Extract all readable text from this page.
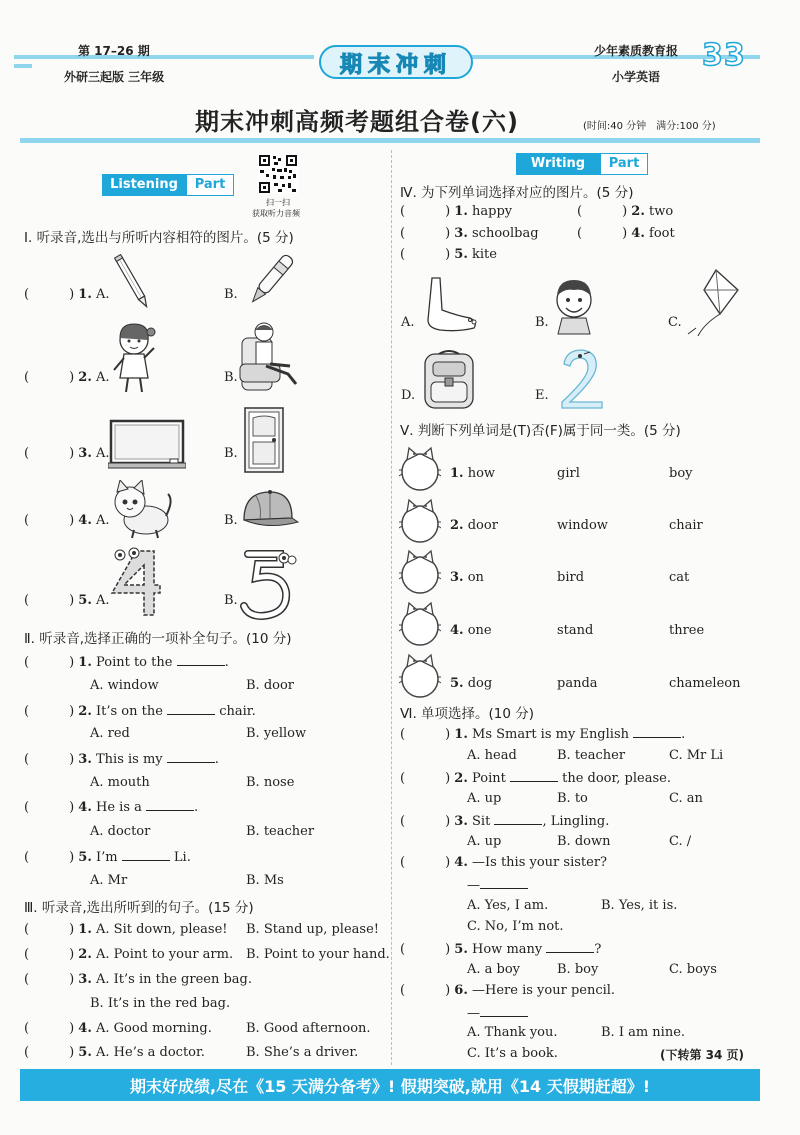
第 17–26 期
外研三起版 三年级	期末冲刺
少年素质教育报
小学英语
33
期末冲刺高频考题组合卷(六)	(时间:40 分钟　满分:100 分)
Listening	Part
扫一扫
获取听力音频
Ⅰ. 听录音,选出与所听内容相符的图片。(5 分)
(	) 1. A.	B.
(	) 2. A.	B.
(	) 3. A.	B.
(	) 4. A.	B.
(	) 5. A.	B.
Ⅱ. 听录音,选择正确的一项补全句子。(10 分)
(	) 1. Point to the	.
A. window	B. door
(	) 2. It’s on the	chair.
A. red	B. yellow
(	) 3. This is my	.
A. mouth	B. nose
(	) 4. He is a	.
A. doctor	B. teacher
(	) 5. I’m	Li.
A. Mr	B. Ms
Ⅲ. 听录音,选出所听到的句子。(15 分)
(	) 1. A. Sit down, please! B. Stand up, please!
(	) 2. A. Point to your arm. B. Point to your hand.
(	) 3. A. It’s in the green bag.
B. It’s in the red bag.
(	) 4. A. Good morning.	B. Good afternoon.
(	) 5. A. He’s a doctor.	B. She’s a driver.
Writing	Part
Ⅳ. 为下列单词选择对应的图片。(5 分)
(	) 1. happy	(	) 2. two
(	) 3. schoolbag	(	) 4. foot
(	) 5. kite
A.	B.	C.
D.	E.
Ⅴ. 判断下列单词是(T)否(F)属于同一类。(5 分)
1. how	girl	boy
2. door	window	chair
3. on	bird	cat
4. one	stand	three
5. dog	panda	chameleon
Ⅵ. 单项选择。(10 分)
(	) 1. Ms Smart is my English	.
A. head	B. teacher	C. Mr Li
(	) 2. Point	the door, please.
A. up	B. to	C. an
(	) 3. Sit	, Lingling.
A. up	B. down	C. ∕
(	) 4. —Is this your sister?
—
A. Yes, I am.	B. Yes, it is.
C. No, I’m not.
(	) 5. How many	?
A. a boy	B. boy	C. boys
(	) 6. —Here is your pencil.
—
A. Thank you.	B. I am nine.
C. It’s a book.	(下转第 34 页)
期末好成绩,尽在《15 天满分备考》! 假期突破,就用《14 天假期赶超》!
